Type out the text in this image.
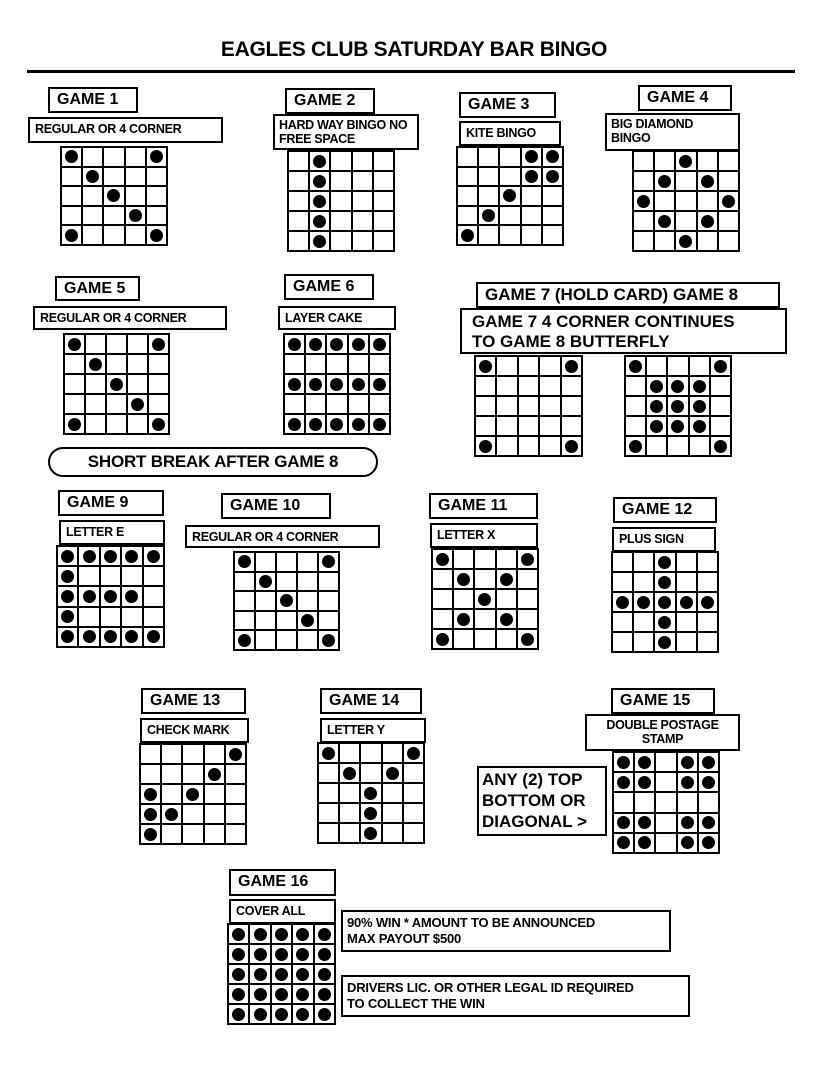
EAGLES CLUB SATURDAY BAR BINGO
GAME 1
REGULAR OR 4 CORNER
GAME 2
HARD WAY BINGO NO FREE SPACE
GAME 3
KITE BINGO
GAME 4
BIG DIAMOND BINGO
GAME 5
REGULAR OR 4 CORNER
GAME 6
LAYER CAKE
GAME 7 (HOLD CARD) GAME 8
GAME 7 4 CORNER CONTINUES
TO GAME 8 BUTTERFLY
SHORT BREAK AFTER GAME 8
GAME 9
LETTER E
GAME 10
REGULAR OR 4 CORNER
GAME 11
LETTER X
GAME 12
PLUS SIGN
GAME 13
CHECK MARK
GAME 14
LETTER Y
GAME 15
DOUBLE POSTAGE STAMP
ANY (2) TOP
BOTTOM OR
DIAGONAL >
GAME 16
COVER ALL
90% WIN * AMOUNT TO BE ANNOUNCED
MAX PAYOUT $500
DRIVERS LIC. OR OTHER LEGAL ID REQUIRED
TO COLLECT THE WIN
